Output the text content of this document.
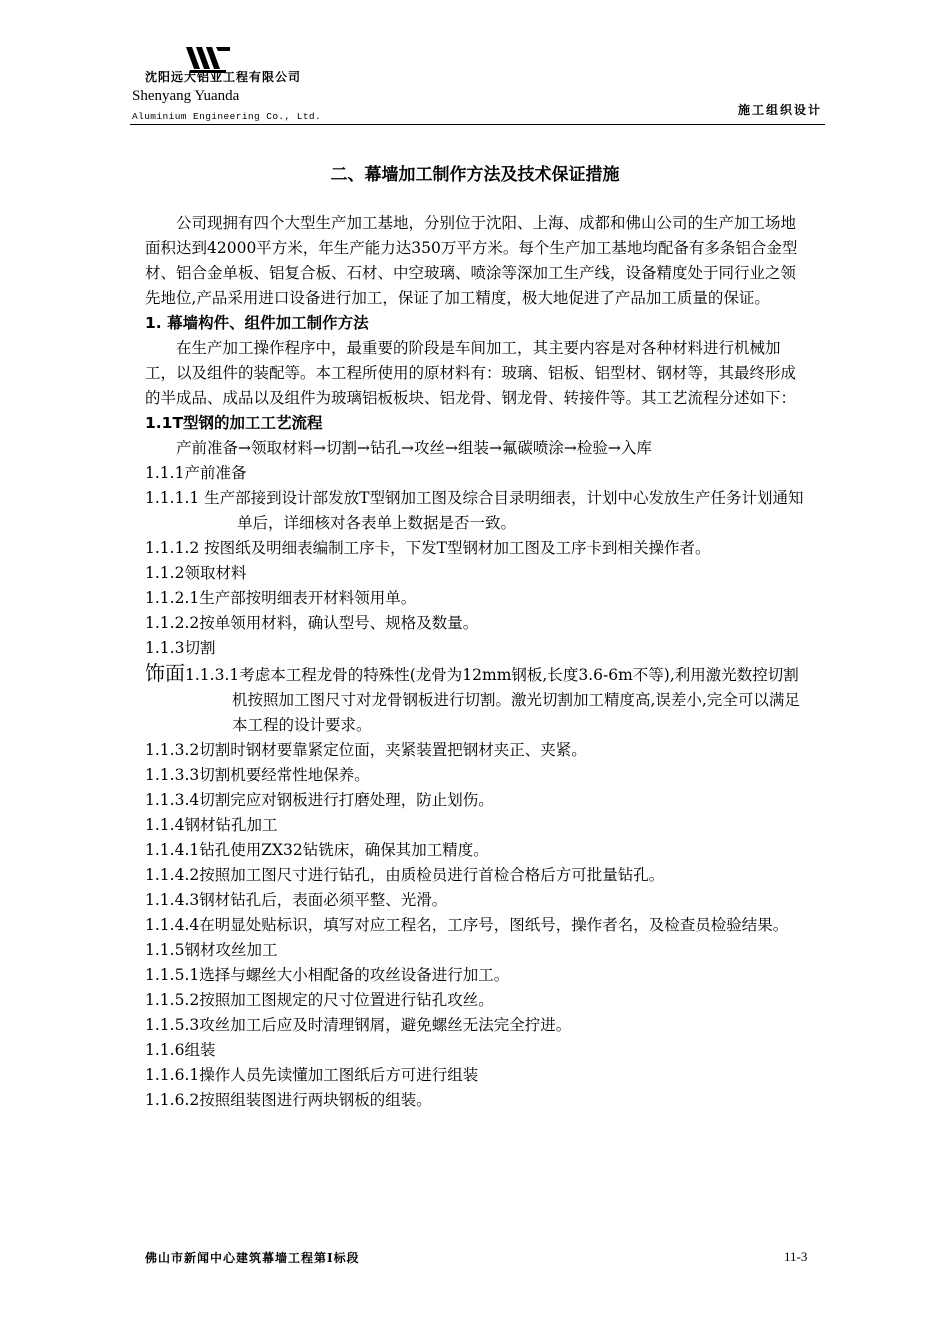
沈阳远大铝业工程有限公司
Shenyang Yuanda
Aluminium Engineering Co., Ltd.	施工组织设计
二、幕墙加工制作方法及技术保证措施

公司现拥有四个大型生产加工基地，分别位于沈阳、上海、成都和佛山公司的生产加工场地面积达到42000平方米，年生产能力达350万平方米。每个生产加工基地均配备有多条铝合金型材、铝合金单板、铝复合板、石材、中空玻璃、喷涂等深加工生产线，设备精度处于同行业之领先地位,产品采用进口设备进行加工，保证了加工精度，极大地促进了产品加工质量的保证。

1. 幕墙构件、组件加工制作方法

在生产加工操作程序中，最重要的阶段是车间加工，其主要内容是对各种材料进行机械加工，以及组件的装配等。本工程所使用的原材料有：玻璃、铝板、铝型材、钢材等，其最终形成的半成品、成品以及组件为玻璃铝板板块、铝龙骨、钢龙骨、转接件等。其工艺流程分述如下：

1.1T型钢的加工工艺流程

产前准备→领取材料→切割→钻孔→攻丝→组装→氟碳喷涂→检验→入库

1.1.1产前准备

1.1.1.1 生产部接到设计部发放T型钢加工图及综合目录明细表，计划中心发放生产任务计划通知单后，详细核对各表单上数据是否一致。

1.1.1.2 按图纸及明细表编制工序卡，下发T型钢材加工图及工序卡到相关操作者。

1.1.2领取材料

1.1.2.1生产部按明细表开材料领用单。

1.1.2.2按单领用材料，确认型号、规格及数量。

1.1.3切割

饰面1.1.3.1考虑本工程龙骨的特殊性(龙骨为12mm钢板,长度3.6-6m不等),利用激光数控切割机按照加工图尺寸对龙骨钢板进行切割。激光切割加工精度高,误差小,完全可以满足本工程的设计要求。

1.1.3.2切割时钢材要靠紧定位面，夹紧装置把钢材夹正、夹紧。

1.1.3.3切割机要经常性地保养。

1.1.3.4切割完应对钢板进行打磨处理，防止划伤。

1.1.4钢材钻孔加工

1.1.4.1钻孔使用ZX32钻铣床，确保其加工精度。

1.1.4.2按照加工图尺寸进行钻孔，由质检员进行首检合格后方可批量钻孔。

1.1.4.3钢材钻孔后，表面必须平整、光滑。

1.1.4.4在明显处贴标识，填写对应工程名，工序号，图纸号，操作者名，及检查员检验结果。

1.1.5钢材攻丝加工

1.1.5.1选择与螺丝大小相配备的攻丝设备进行加工。

1.1.5.2按照加工图规定的尺寸位置进行钻孔攻丝。

1.1.5.3攻丝加工后应及时清理钢屑，避免螺丝无法完全拧进。

1.1.6组装

1.1.6.1操作人员先读懂加工图纸后方可进行组装

1.1.6.2按照组装图进行两块钢板的组装。

佛山市新闻中心建筑幕墙工程第Ⅰ标段	11-3
